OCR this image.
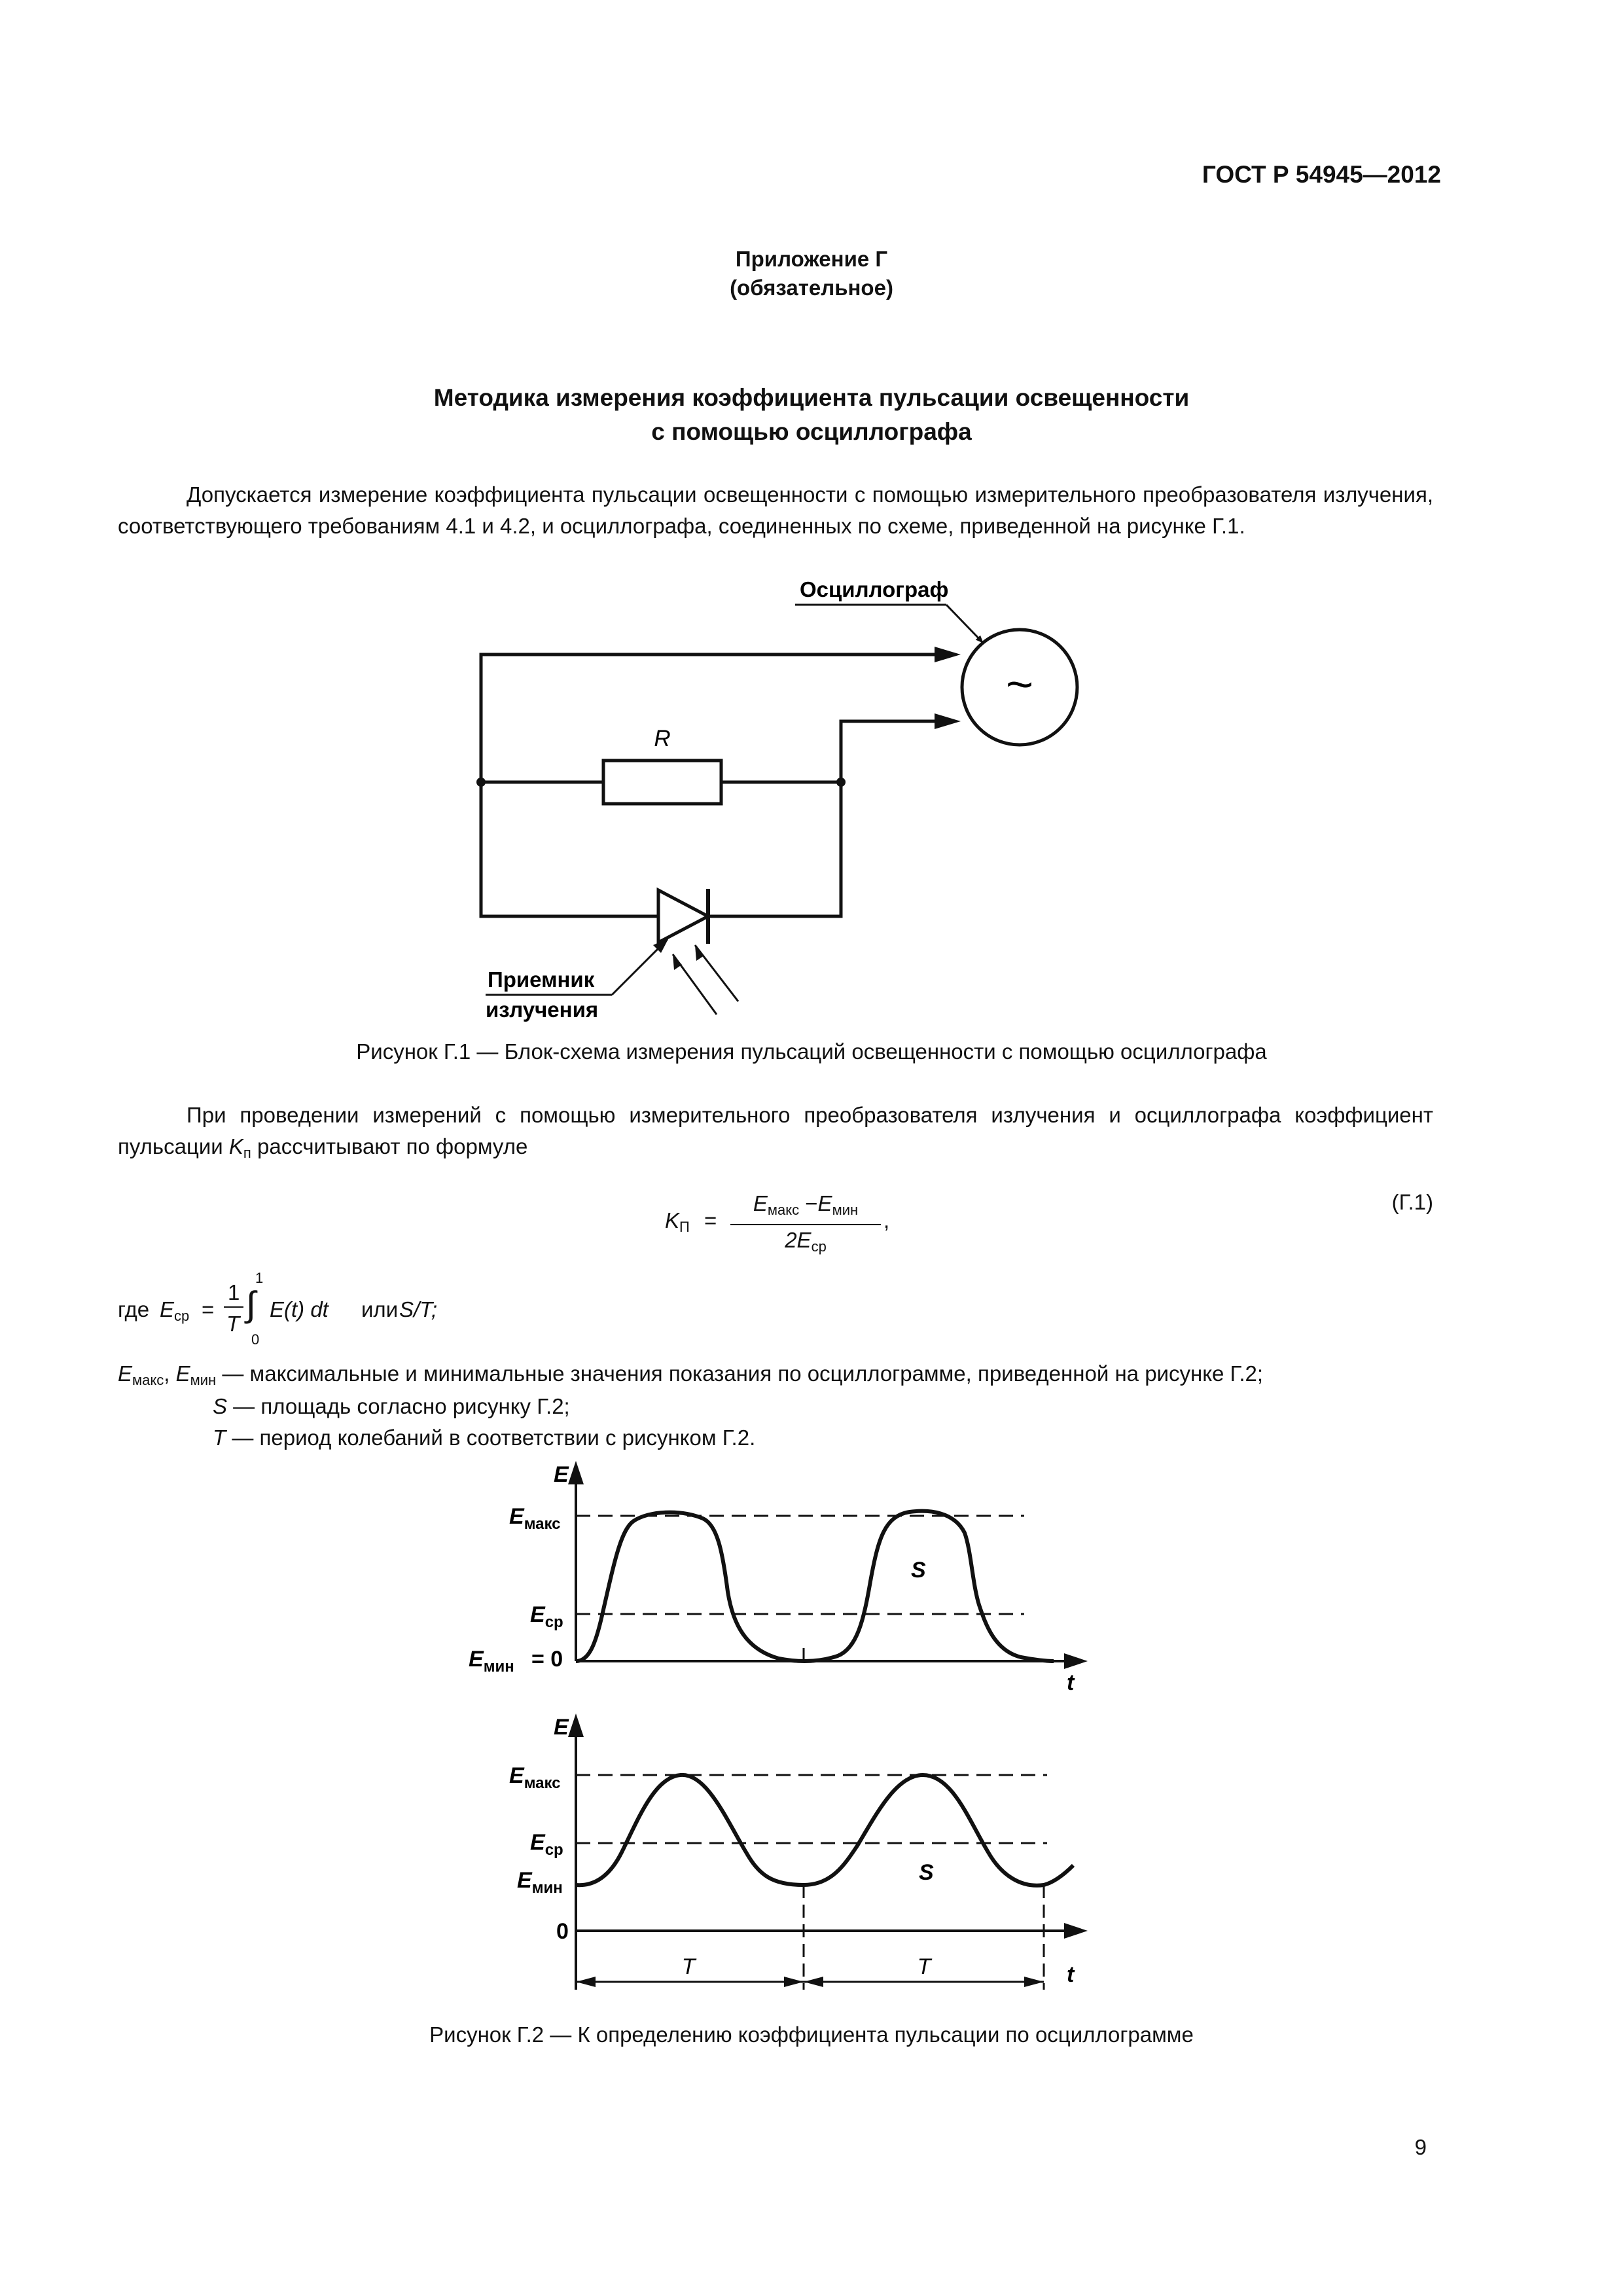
ГОСТ Р 54945—2012
Приложение Г
(обязательное)
Методика измерения коэффициента пульсации освещенности
с помощью осциллографа
Допускается измерение коэффициента пульсации освещенности с помощью измерительного преобразователя излучения, соответствующего требованиям 4.1 и 4.2, и осциллографа, соединенных по схеме, приведенной на рисунке Г.1.
Осциллограф
~
R
Приемник
излучения
Рисунок Г.1 — Блок-схема измерения пульсаций освещенности с помощью осциллографа
При проведении измерений с помощью измерительного преобразователя излучения и осциллографа коэффициент пульсации $K_п$ рассчитывают по формуле
$K_П$ =
$E_{макс} -E_{мин}$
$2E_{ср}$
,
(Г.1)
где $E_{ср}$ =
1
T ∫
1
0
E(t) dt или S/T;
$E_{макс}$, $E_{мин}$ — максимальные и минимальные значения показания по осциллограмме, приведенной на рисунке Г.2;
S — площадь согласно рисунку Г.2;
T — период колебаний в соответствии с рисунком Г.2.
E
t
$E_{макс}$
$E_{ср}$
$E_{мин} = 0$
S
E
t
T	T
$E_{макс}$
$E_{ср}$
$E_{мин}$
0
S
Рисунок Г.2 — К определению коэффициента пульсации по осциллограмме
9
